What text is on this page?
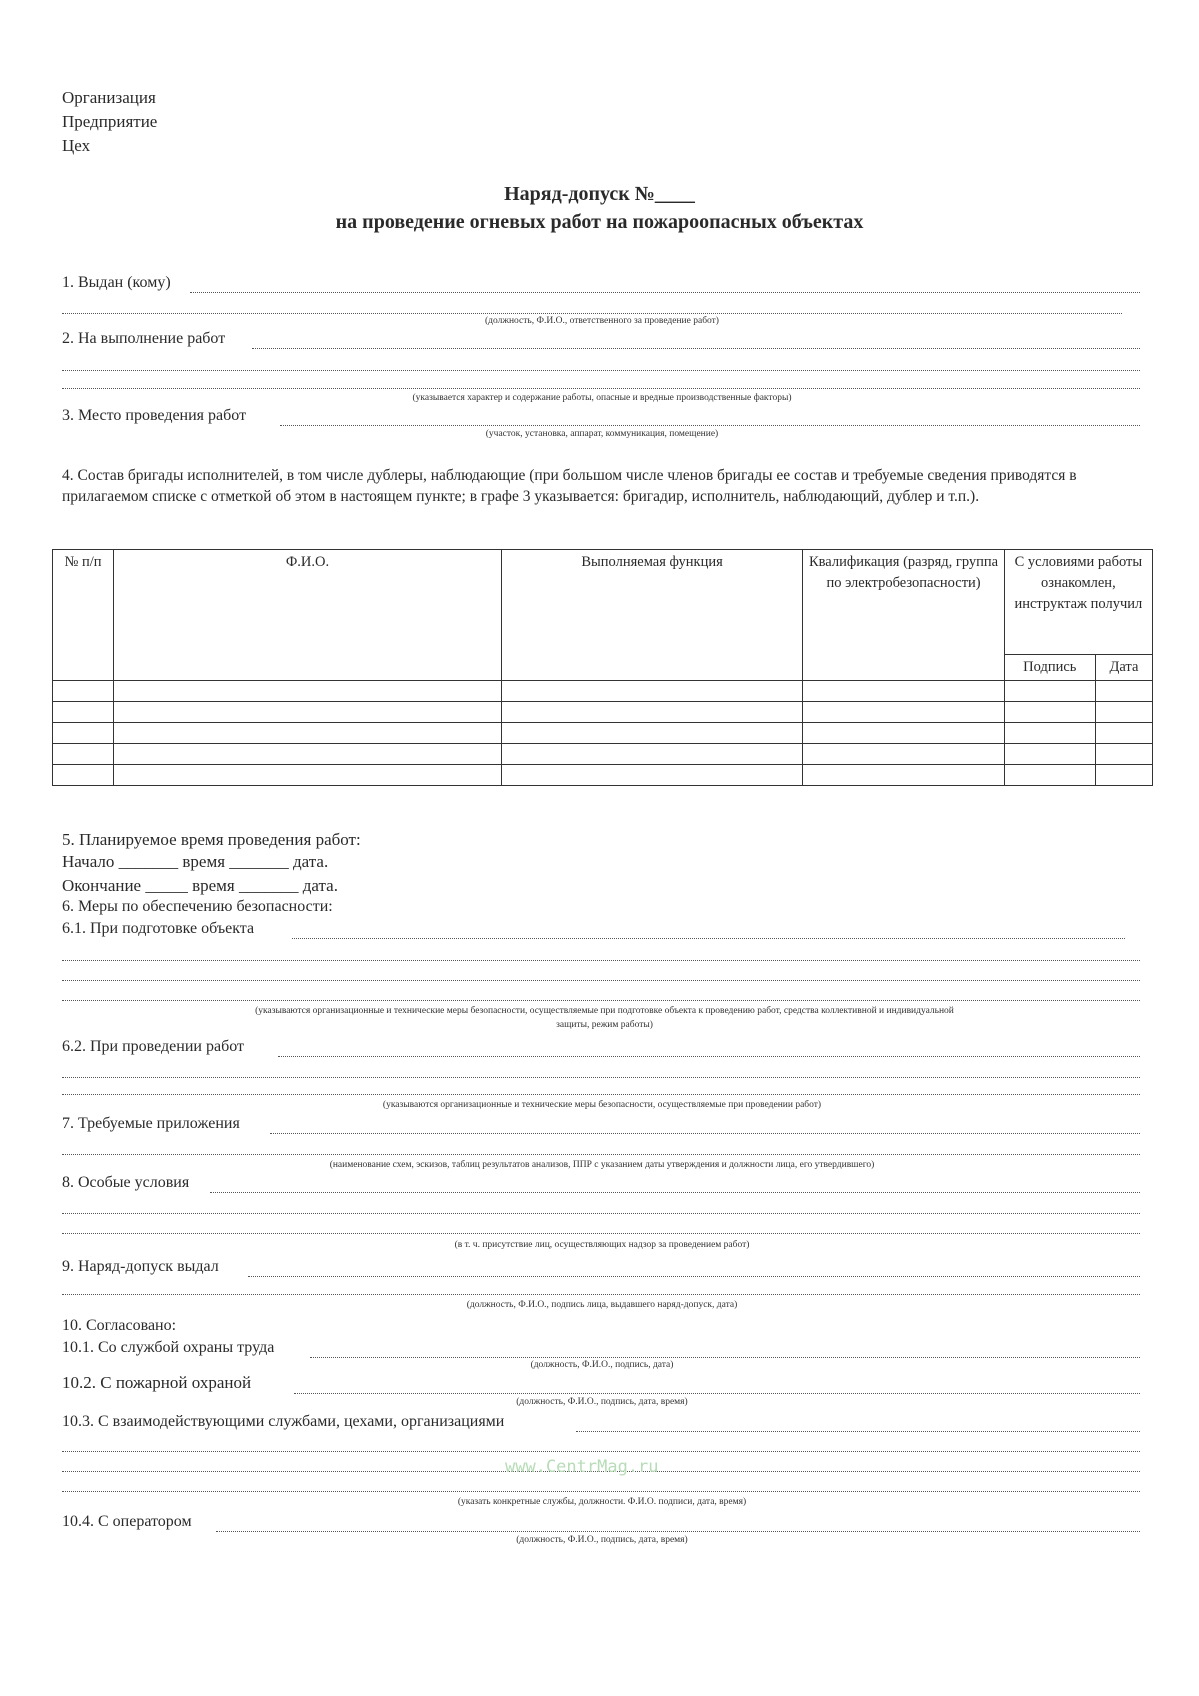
Организация
Предприятие
Цех
Наряд-допуск №____
на проведение огневых работ на пожароопасных объектах
1. Выдан (кому)
(должность, Ф.И.О., ответственного за проведение работ)
2. На выполнение работ
(указывается характер и содержание работы, опасные и вредные производственные факторы)
3. Место проведения работ
(участок, установка, аппарат, коммуникация, помещение)
4. Состав бригады исполнителей, в том числе дублеры, наблюдающие (при большом числе членов бригады ее состав и требуемые сведения приводятся в прилагаемом списке с отметкой об этом в настоящем пункте; в графе 3 указывается: бригадир, исполнитель, наблюдающий, дублер и т.п.).
№ п/п	Ф.И.О.	Выполняемая функция	Квалификация (разряд, группа по электробезопасности)	С условиями работы ознакомлен, инструктаж получил	
				Подпись	Дата

5. Планируемое время проведения работ:
Начало _______ время _______ дата.
Окончание _____ время _______ дата.
6. Меры по обеспечению безопасности:
6.1. При подготовке объекта
(указываются организационные и технические меры безопасности, осуществляемые при подготовке объекта к проведению работ, средства коллективной и индивидуальной
защиты, режим работы)
6.2. При проведении работ
(указываются организационные и технические меры безопасности, осуществляемые при проведении работ)
7. Требуемые приложения
(наименование схем, эскизов, таблиц результатов анализов, ППР с указанием даты утверждения и должности лица, его утвердившего)
8. Особые условия
(в т. ч. присутствие лиц, осуществляющих надзор за проведением работ)
9. Наряд-допуск выдал
(должность, Ф.И.О., подпись лица, выдавшего наряд-допуск, дата)
10. Согласовано:
10.1. Со службой охраны труда
(должность, Ф.И.О., подпись, дата)
10.2. С пожарной охраной
(должность, Ф.И.О., подпись, дата, время)
10.3. С взаимодействующими службами, цехами, организациями
(указать конкретные службы, должности. Ф.И.О. подписи, дата, время)
10.4. С оператором
(должность, Ф.И.О., подпись, дата, время)
www.CentrMag.ru
